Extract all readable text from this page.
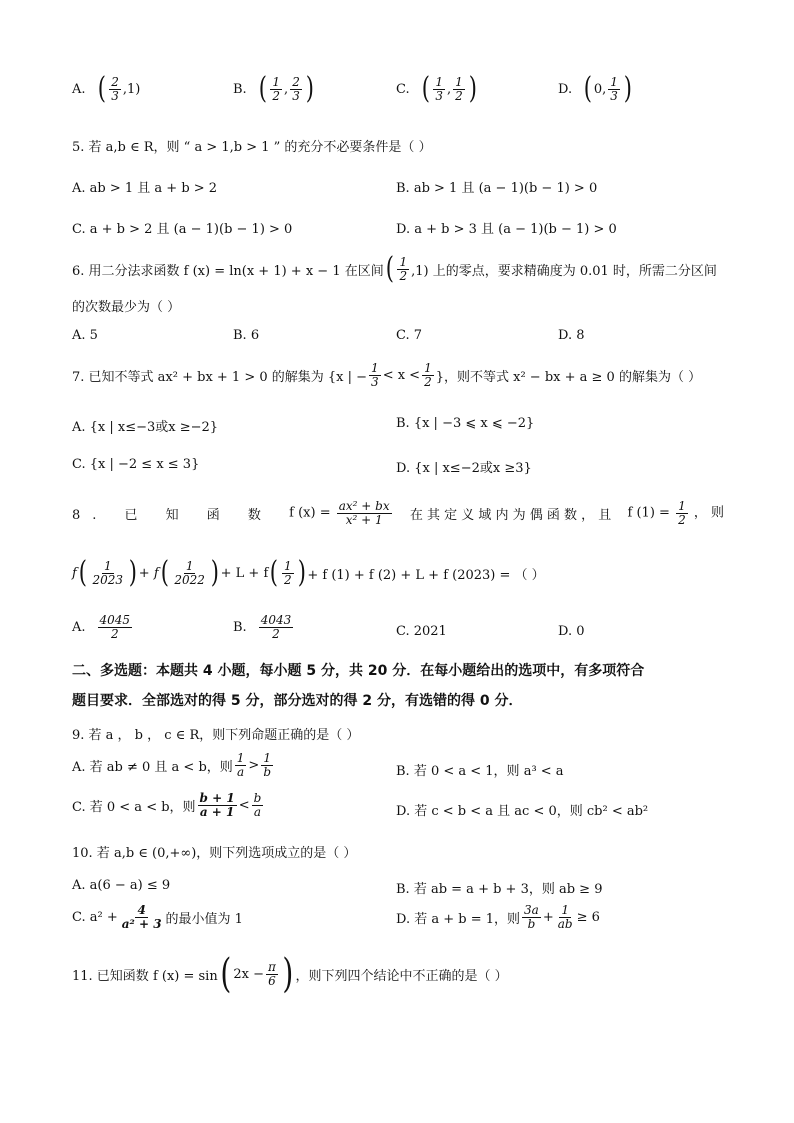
A. ( $\frac{2}{3} ,1$)	B. ( $\frac{1}{2}$ , $\frac{2}{3}$ )	C. ( $\frac{1}{3}$ , $\frac{1}{2}$ )	D. ( 0, $\frac{1}{3}$ )
5. 若 a,b ∈ R，则 “ a > 1,b > 1 ” 的充分不必要条件是（ ）
A. ab > 1 且 a + b > 2	B. ab > 1 且 (a − 1)(b − 1) > 0
C. a + b > 2 且 (a − 1)(b − 1) > 0	D. a + b > 3 且 (a − 1)(b − 1) > 0
6. 用二分法求函数 f (x) = ln(x + 1) + x − 1 在区间 ( $\frac{1}{2} ,1$) 上的零点，要求精确度为 0.01 时，所需二分区间
的次数最少为（ ）
A. 5	B. 6	C. 7	D. 8
7. 已知不等式 ax² + bx + 1 > 0 的解集为 {x | − $\frac{1}{3} < x < \frac{1}{2}$ }，则不等式 x² − bx + a ≥ 0 的解集为（ ）
A. {x | x≤−3或x ≥−2}	B. {x | −3 ⩽ x ⩽ −2}
C. {x | −2 ≤ x ≤ 3}	D. {x | x≤−2或x ≥3}
8. 已 知 函 数 f $(x) = \frac{\text{ax² + bx}}{\text{x² + 1}}$ 在 其 定 义 域 内 为 偶 函 数 ， 且 f $(1) = \frac{1}{2}$ ， 则
f ( $\frac{1}{2023}$ ) +
f ( $\frac{1}{2022}$ ) + L + f ( $\frac{1}{2}$ ) + f (1) + f (2) + L + f (2023) = （ ）
A. $\frac{4045}{2}$	B. $\frac{4043}{2}$	C. 2021	D. 0
二、多选题：本题共 4 小题，每小题 5 分，共 20 分．在每小题给出的选项中，有多项符合
题目要求．全部选对的得 5 分，部分选对的得 2 分，有选错的得 0 分．
9. 若 a ， b ， c ∈ R，则下列命题正确的是（ ）
A. 若 ab ≠ 0 且 a < b，则 $\frac{1}{a} > \frac{1}{b}$	B. 若 0 < a < 1，则 a³ < a
C. 若 0 < a < b，则 $\frac{b + 1}{a + 1} < \frac{b}{a}$	D. 若 c < b < a 且 ac < 0，则 cb² < ab²
10. 若 a,b ∈ (0,+∞)，则下列选项成立的是（ ）
A. a(6 − a) ≤ 9	B. 若 ab = a + b + 3，则 ab ≥ 9
C. $a^2 + \frac{4}{\text{a² + 3}}$ 的最小值为 1	D. 若 a + b = 1，则 $\frac{3a}{b} + \frac{1}{ab} \ge 6$
11. 已知函数 f (x) = sin ( $2x - \frac{\pi}{6}$ ) ，则下列四个结论中不正确的是（ ）
